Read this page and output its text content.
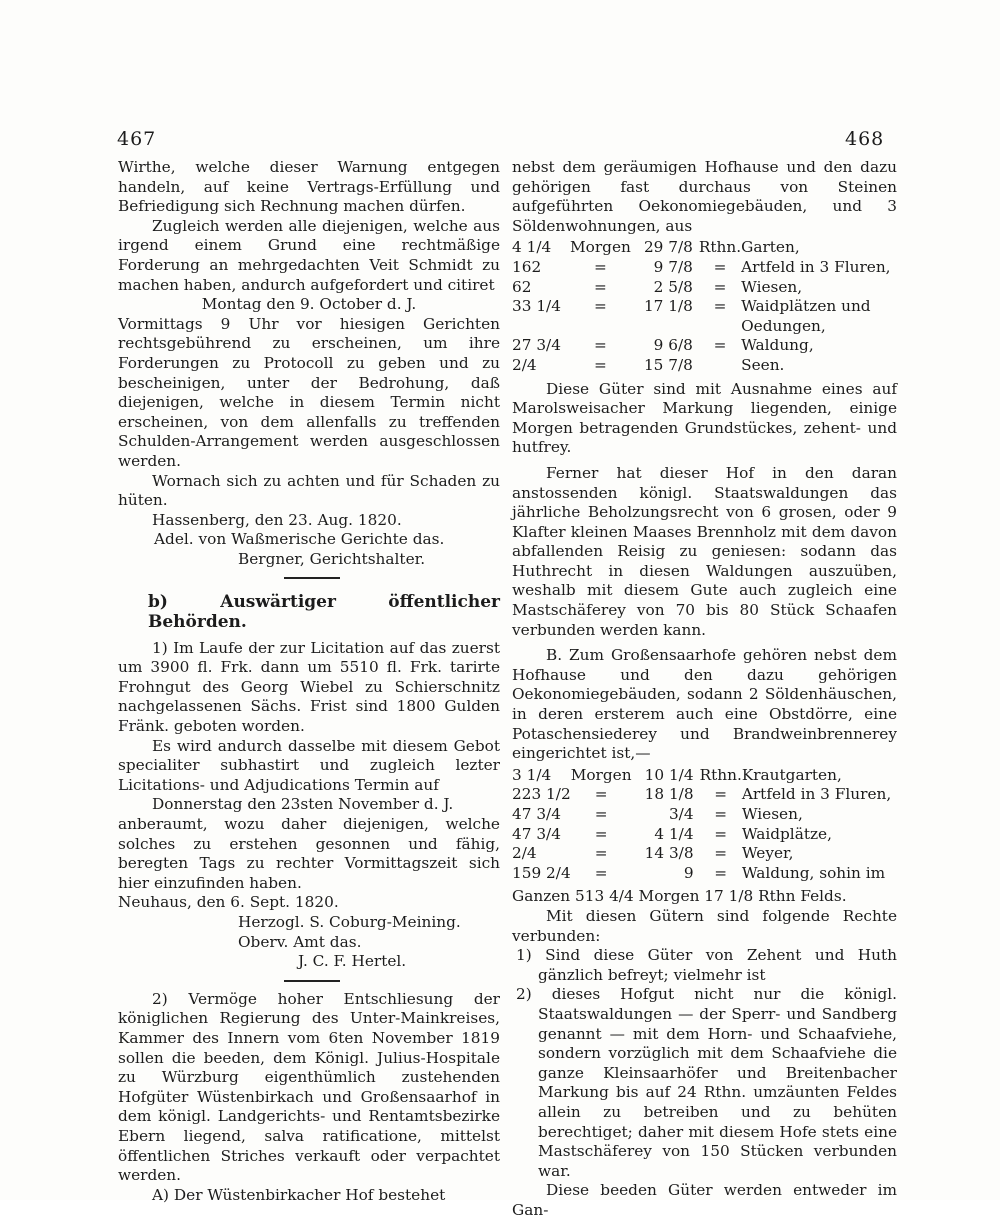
467	468

Wirthe, welche dieser Warnung entgegen handeln, auf keine Vertrags-Erfüllung und Befriedigung sich Rechnung machen dürfen.

Zugleich werden alle diejenigen, welche aus irgend einem Grund eine rechtmäßige Forderung an mehrgedachten Veit Schmidt zu machen haben, andurch aufgefordert und citiret

Montag den 9. October d. J.

Vormittags 9 Uhr vor hiesigen Gerichten rechtsgebührend zu erscheinen, um ihre Forderungen zu Protocoll zu geben und zu bescheinigen, unter der Bedrohung, daß diejenigen, welche in diesem Termin nicht erscheinen, von dem allenfalls zu treffenden Schulden-Arrangement werden ausgeschlossen werden.

Wornach sich zu achten und für Schaden zu hüten.

Hassenberg, den 23. Aug. 1820.

Adel. von Waßmerische Gerichte das.

Bergner, Gerichtshalter.

b) Auswärtiger öffentlicher Behörden.

1) Im Laufe der zur Licitation auf das zuerst um 3900 fl. Frk. dann um 5510 fl. Frk. tarirte Frohngut des Georg Wiebel zu Schierschnitz nachgelassenen Sächs. Frist sind 1800 Gulden Fränk. geboten worden.

Es wird andurch dasselbe mit diesem Gebot specialiter subhastirt und zugleich lezter Licitations- und Adjudications Termin auf

Donnerstag den 23sten November d. J.

anberaumt, wozu daher diejenigen, welche solches zu erstehen gesonnen und fähig, beregten Tags zu rechter Vormittagszeit sich hier einzufinden haben.

Neuhaus, den 6. Sept. 1820.

Herzogl. S. Coburg-Meining.

Oberv. Amt das.

J. C. F. Hertel.

2) Vermöge hoher Entschliesung der königlichen Regierung des Unter-Mainkreises, Kammer des Innern vom 6ten November 1819 sollen die beeden, dem Königl. Julius-Hospitale zu Würzburg eigenthümlich zustehenden Hofgüter Wüstenbirkach und Großensaarhof in dem königl. Landgerichts- und Rentamtsbezirke Ebern liegend, salva ratificatione, mittelst öffentlichen Striches verkauft oder verpachtet werden.

A) Der Wüstenbirkacher Hof bestehet

nebst dem geräumigen Hofhause und den dazu gehörigen fast durchaus von Steinen aufgeführten Oekonomiegebäuden, und 3 Söldenwohnungen, aus

4 1/4	Morgen	29 7/8	Rthn.	Garten,
162	=	9 7/8	=	Artfeld in 3 Fluren,
62	=	2 5/8	=	Wiesen,
33 1/4	=	17 1/8	=	Waidplätzen und
				Oedungen,
27 3/4	=	9 6/8	=	Waldung,
2/4	=	15 7/8		Seen.

Diese Güter sind mit Ausnahme eines auf Marolsweisacher Markung liegenden, einige Morgen betragenden Grundstückes, zehent- und hutfrey.

Ferner hat dieser Hof in den daran anstossenden königl. Staatswaldungen das jährliche Beholzungsrecht von 6 grosen, oder 9 Klafter kleinen Maases Brennholz mit dem davon abfallenden Reisig zu geniesen: sodann das Huthrecht in diesen Waldungen auszuüben, weshalb mit diesem Gute auch zugleich eine Mastschäferey von 70 bis 80 Stück Schaafen verbunden werden kann.

B. Zum Großensaarhofe gehören nebst dem Hofhause und den dazu gehörigen Oekonomiegebäuden, sodann 2 Söldenhäuschen, in deren ersterem auch eine Obstdörre, eine Potaschensiederey und Brandweinbrennerey eingerichtet ist,—

3 1/4	Morgen	10 1/4	Rthn.	Krautgarten,
223 1/2	=	18 1/8	=	Artfeld in 3 Fluren,
47 3/4	=	3/4	=	Wiesen,
47 3/4	=	4 1/4	=	Waidplätze,
2/4	=	14 3/8	=	Weyer,
159 2/4	=	9	=	Waldung, sohin im

Ganzen 513 4/4 Morgen 17 1/8 Rthn Felds.

Mit diesen Gütern sind folgende Rechte verbunden:

1) Sind diese Güter von Zehent und Huth gänzlich befreyt; vielmehr ist

2) dieses Hofgut nicht nur die königl. Staatswaldungen — der Sperr- und Sandberg genannt — mit dem Horn- und Schaafviehe, sondern vorzüglich mit dem Schaafviehe die ganze Kleinsaarhöfer und Breitenbacher Markung bis auf 24 Rthn. umzäunten Feldes allein zu betreiben und zu behüten berechtiget; daher mit diesem Hofe stets eine Mastschäferey von 150 Stücken verbunden war.

Diese beeden Güter werden entweder im Gan-
